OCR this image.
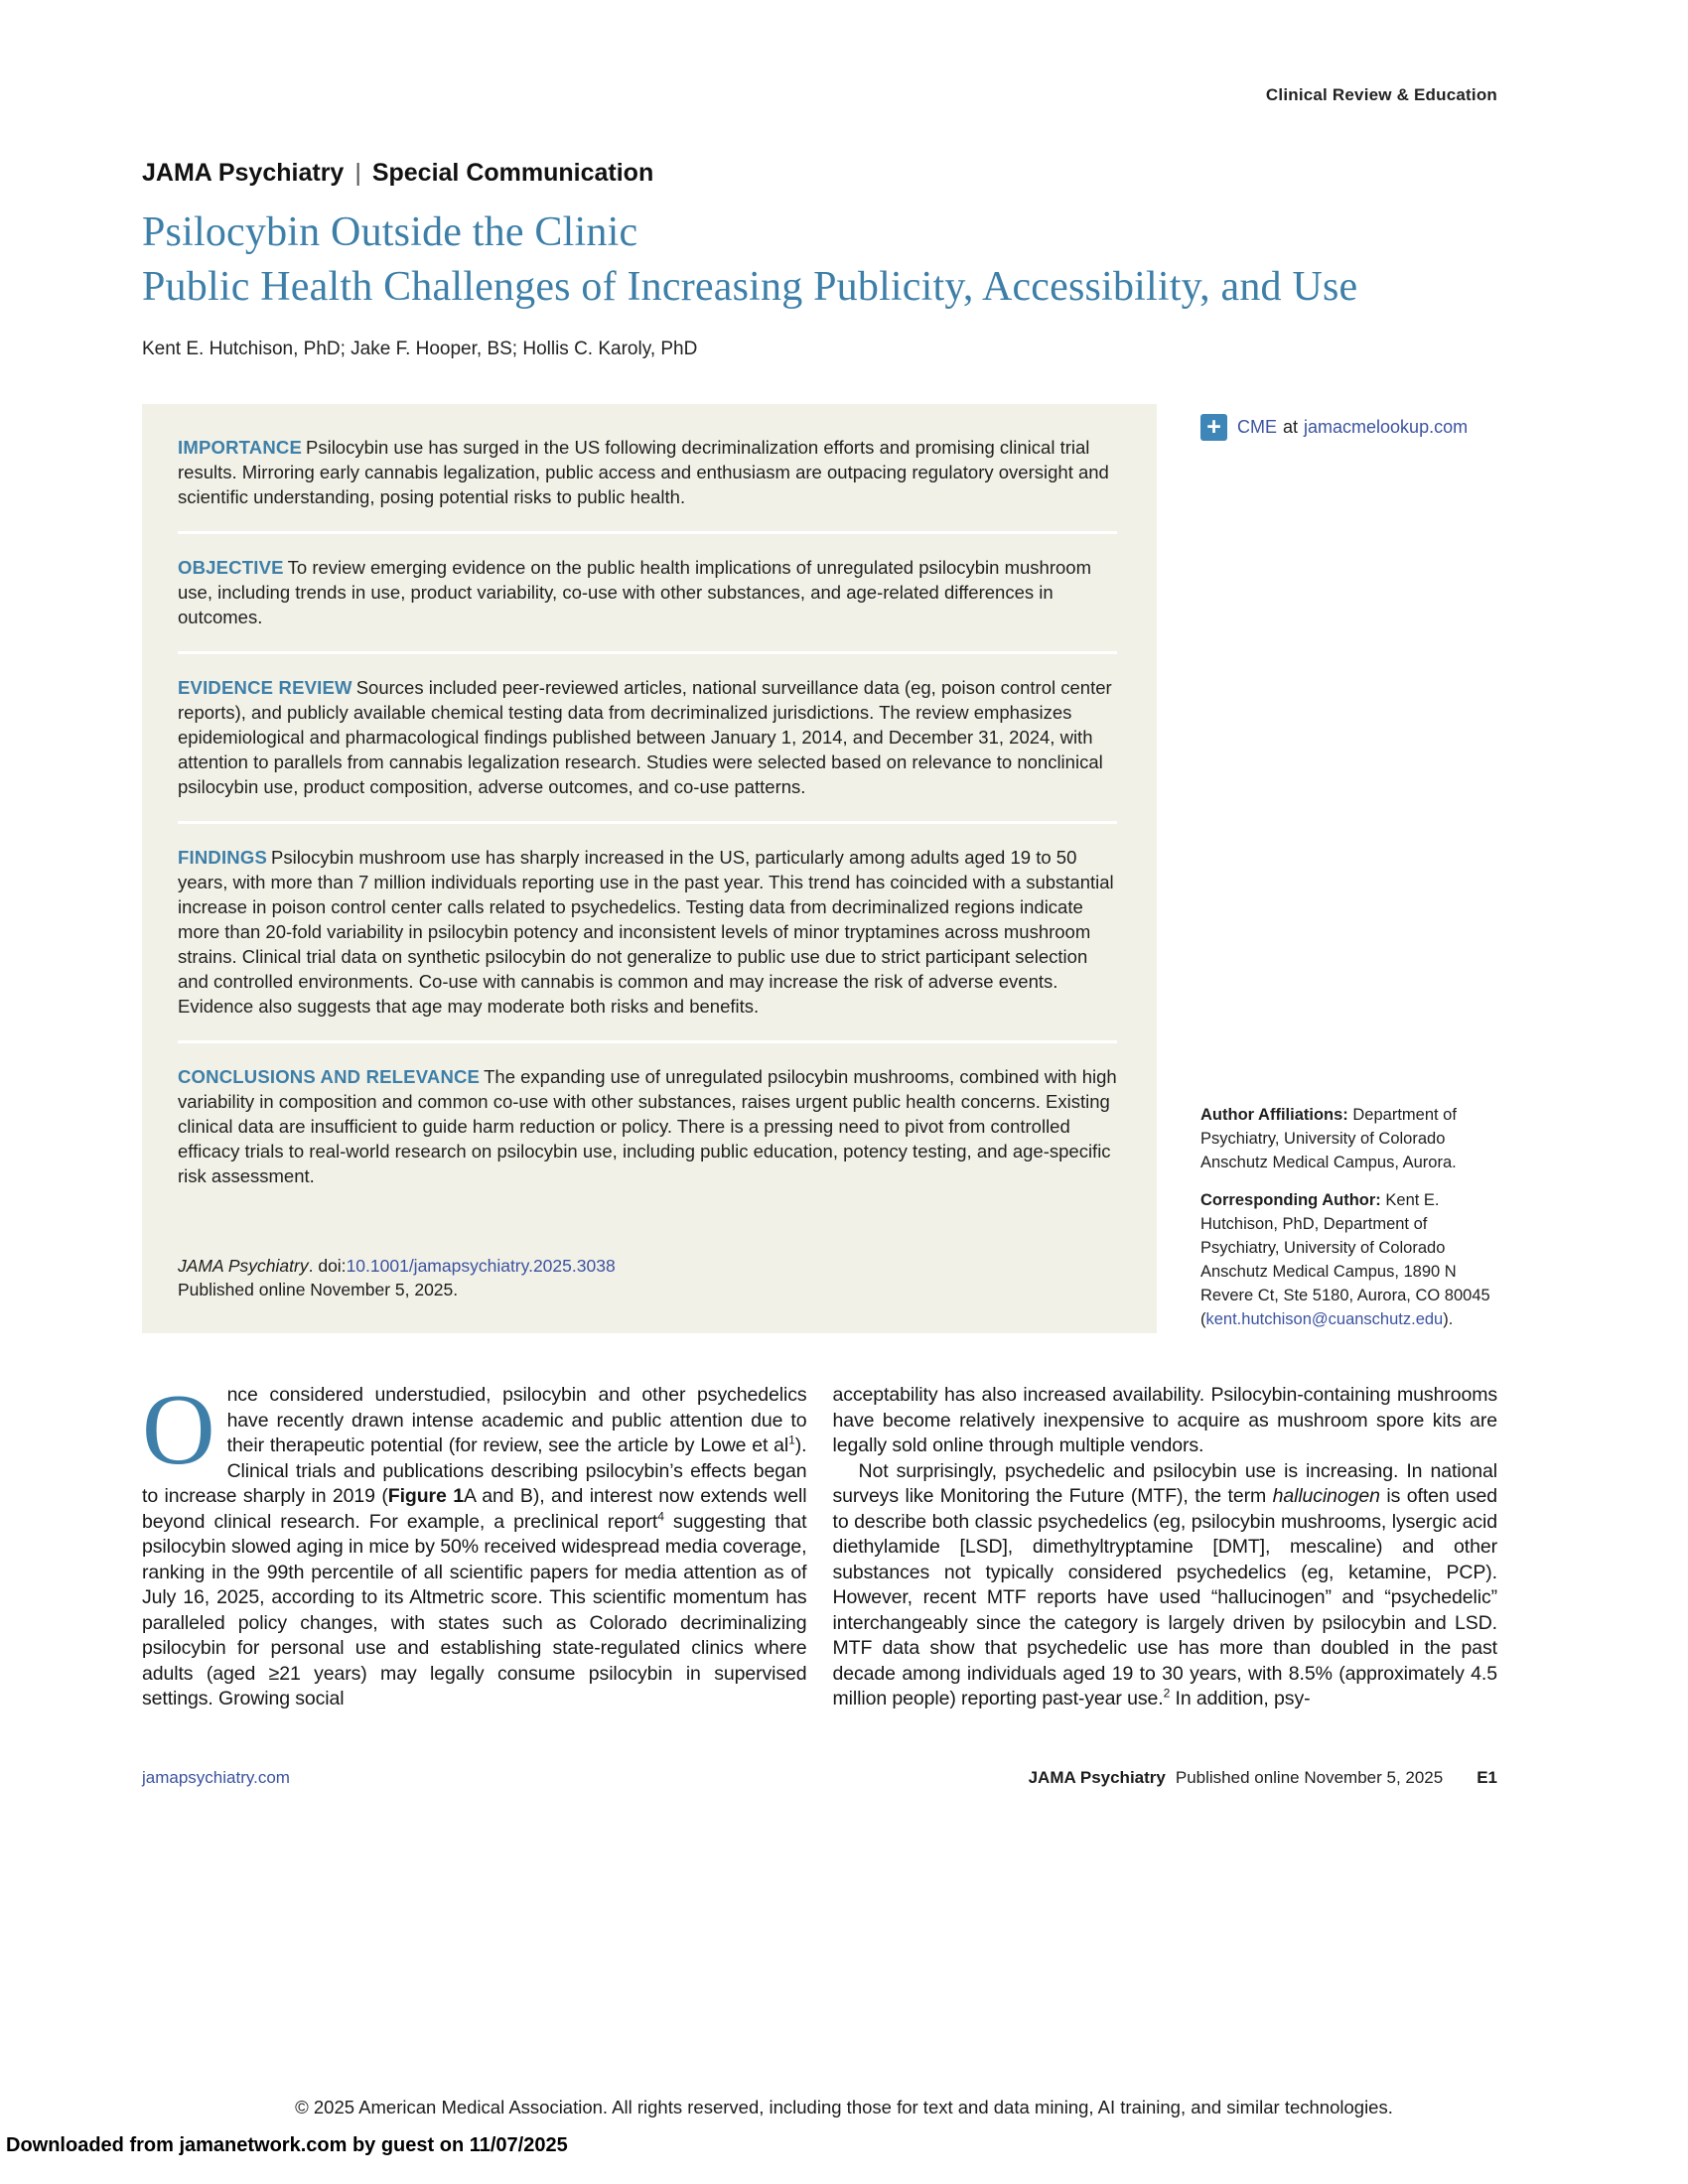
Clinical Review & Education
JAMA Psychiatry | Special Communication
Psilocybin Outside the Clinic
Public Health Challenges of Increasing Publicity, Accessibility, and Use
Kent E. Hutchison, PhD; Jake F. Hooper, BS; Hollis C. Karoly, PhD
IMPORTANCE Psilocybin use has surged in the US following decriminalization efforts and promising clinical trial results. Mirroring early cannabis legalization, public access and enthusiasm are outpacing regulatory oversight and scientific understanding, posing potential risks to public health.
OBJECTIVE To review emerging evidence on the public health implications of unregulated psilocybin mushroom use, including trends in use, product variability, co-use with other substances, and age-related differences in outcomes.
EVIDENCE REVIEW Sources included peer-reviewed articles, national surveillance data (eg, poison control center reports), and publicly available chemical testing data from decriminalized jurisdictions. The review emphasizes epidemiological and pharmacological findings published between January 1, 2014, and December 31, 2024, with attention to parallels from cannabis legalization research. Studies were selected based on relevance to nonclinical psilocybin use, product composition, adverse outcomes, and co-use patterns.
FINDINGS Psilocybin mushroom use has sharply increased in the US, particularly among adults aged 19 to 50 years, with more than 7 million individuals reporting use in the past year. This trend has coincided with a substantial increase in poison control center calls related to psychedelics. Testing data from decriminalized regions indicate more than 20-fold variability in psilocybin potency and inconsistent levels of minor tryptamines across mushroom strains. Clinical trial data on synthetic psilocybin do not generalize to public use due to strict participant selection and controlled environments. Co-use with cannabis is common and may increase the risk of adverse events. Evidence also suggests that age may moderate both risks and benefits.
CONCLUSIONS AND RELEVANCE The expanding use of unregulated psilocybin mushrooms, combined with high variability in composition and common co-use with other substances, raises urgent public health concerns. Existing clinical data are insufficient to guide harm reduction or policy. There is a pressing need to pivot from controlled efficacy trials to real-world research on psilocybin use, including public education, potency testing, and age-specific risk assessment.

JAMA Psychiatry. doi:10.1001/jamapsychiatry.2025.3038
Published online November 5, 2025.

+ CME at jamacmelookup.com

Author Affiliations: Department of Psychiatry, University of Colorado Anschutz Medical Campus, Aurora.

Corresponding Author: Kent E. Hutchison, PhD, Department of Psychiatry, University of Colorado Anschutz Medical Campus, 1890 N Revere Ct, Ste 5180, Aurora, CO 80045 (kent.hutchison@cuanschutz.edu).

Once considered understudied, psilocybin and other psychedelics have recently drawn intense academic and public attention due to their therapeutic potential (for review, see the article by Lowe et $al^1$). Clinical trials and publications describing psilocybin’s effects began to increase sharply in 2019 (Figure 1A and B), and interest now extends well beyond clinical research. For example, a preclinical report$^4$ suggesting that psilocybin slowed aging in mice by 50% received widespread media coverage, ranking in the 99th percentile of all scientific papers for media attention as of July 16, 2025, according to its Altmetric score. This scientific momentum has paralleled policy changes, with states such as Colorado decriminalizing psilocybin for personal use and establishing state-regulated clinics where adults (aged ≥21 years) may legally consume psilocybin in supervised settings. Growing social

acceptability has also increased availability. Psilocybin-containing mushrooms have become relatively inexpensive to acquire as mushroom spore kits are legally sold online through multiple vendors.

Not surprisingly, psychedelic and psilocybin use is increasing. In national surveys like Monitoring the Future (MTF), the term hallucinogen is often used to describe both classic psychedelics (eg, psilocybin mushrooms, lysergic acid diethylamide [LSD], dimethyltryptamine [DMT], mescaline) and other substances not typically considered psychedelics (eg, ketamine, PCP). However, recent MTF reports have used “hallucinogen” and “psychedelic” interchangeably since the category is largely driven by psilocybin and LSD. MTF data show that psychedelic use has more than doubled in the past decade among individuals aged 19 to 30 years, with 8.5% (approximately 4.5 million people) reporting past-year use.$^2$ In addition, psy-

jamapsychiatry.com	JAMA Psychiatry Published online November 5, 2025 E1
© 2025 American Medical Association. All rights reserved, including those for text and data mining, AI training, and similar technologies.
Downloaded from jamanetwork.com by guest on 11/07/2025
